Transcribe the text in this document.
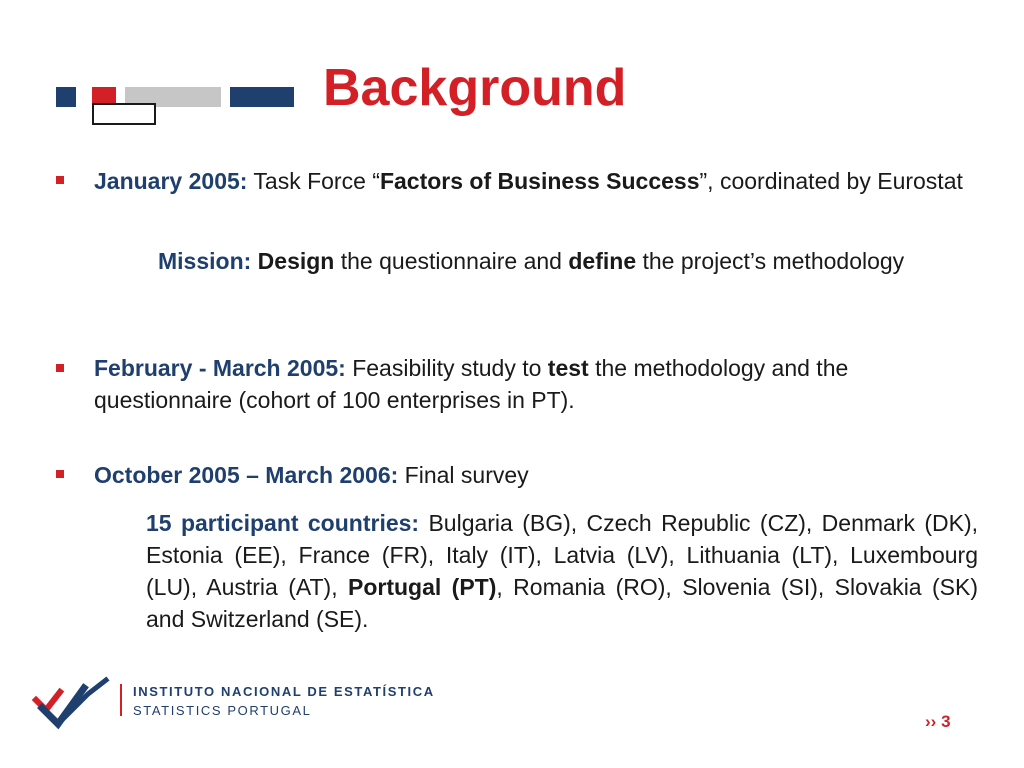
Background
January 2005: Task Force “Factors of Business Success”, coordinated by Eurostat
Mission: Design the questionnaire and define the project’s methodology
February - March 2005: Feasibility study to test the methodology and the questionnaire (cohort of 100 enterprises in PT).
October 2005 – March 2006: Final survey
15 participant countries: Bulgaria (BG), Czech Republic (CZ), Denmark (DK), Estonia (EE), France (FR), Italy (IT), Latvia (LV), Lithuania (LT), Luxembourg (LU), Austria (AT), Portugal (PT), Romania (RO), Slovenia (SI), Slovakia (SK) and Switzerland (SE).
INSTITUTO NACIONAL DE ESTATÍSTICA
STATISTICS PORTUGAL
›› 3
